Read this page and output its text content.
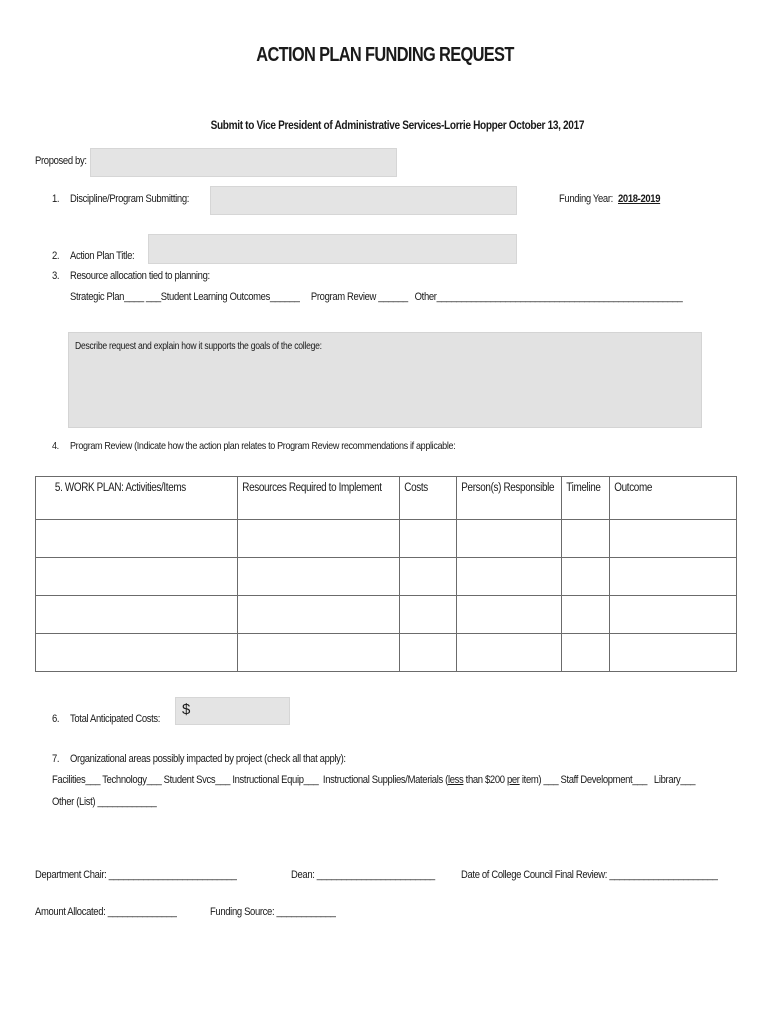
ACTION PLAN FUNDING REQUEST
Submit to Vice President of Administrative Services-Lorrie Hopper October 13, 2017
Proposed by:
1. Discipline/Program Submitting:	Funding Year: 2018-2019
2. Action Plan Title:
3. Resource allocation tied to planning:
Strategic Plan____ ___Student Learning Outcomes______     Program Review ______   Other__________________________________________________
Describe request and explain how it supports the goals of the college:
4. Program Review (Indicate how the action plan relates to Program Review recommendations if applicable:
5. WORK PLAN: Activities/Items	Resources Required to Implement	Costs	Person(s) Responsible	Timeline	Outcome

6. Total Anticipated Costs:
$
7. Organizational areas possibly impacted by project (check all that apply):
Facilities___ Technology___ Student Svcs___ Instructional Equip___  Instructional Supplies/Materials (less than $200 per item) ___ Staff Development___   Library___
Other (List) ____________
Department Chair: __________________________	Dean: ________________________ Date of College Council Final Review: ______________________
Amount Allocated: ______________	Funding Source: ____________
